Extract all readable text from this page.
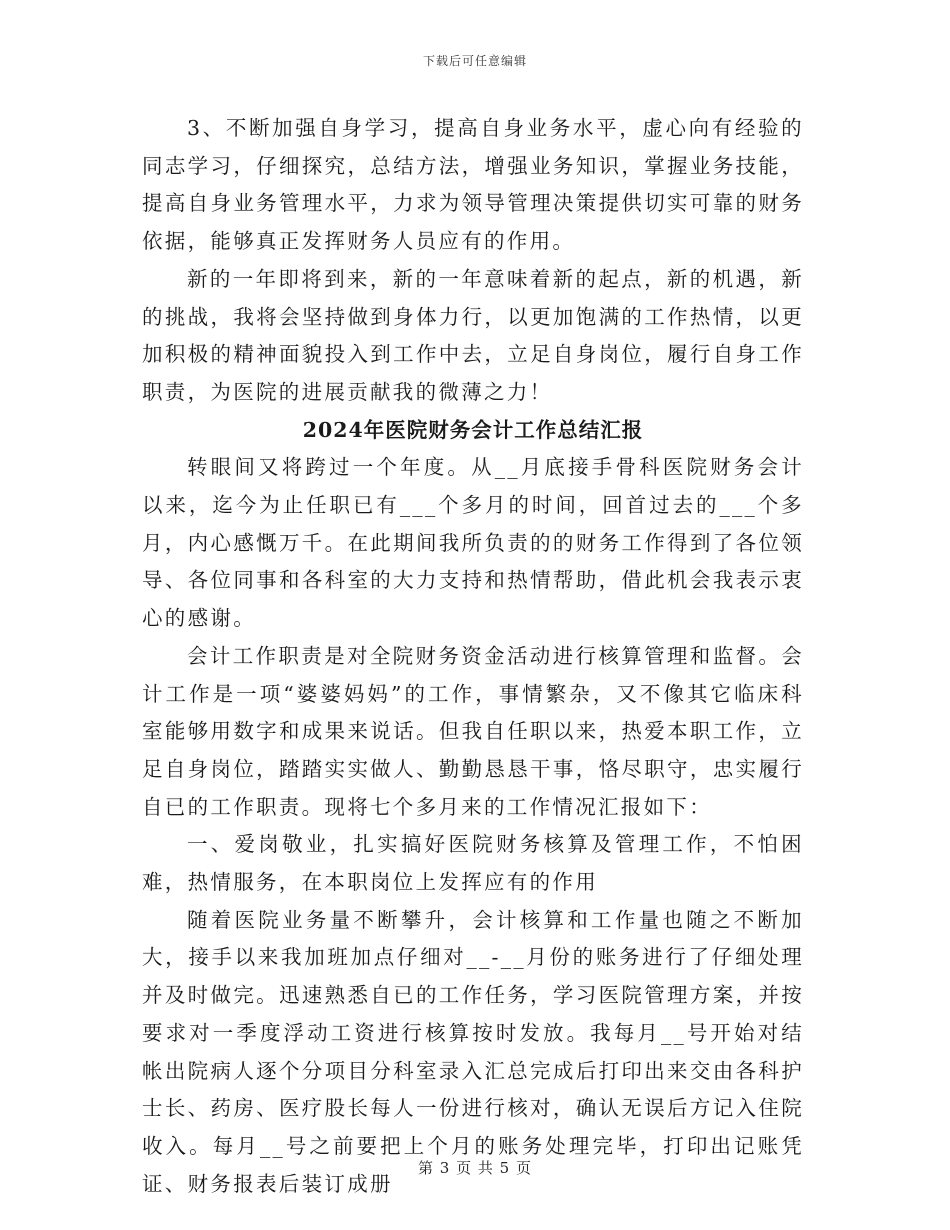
下载后可任意编辑

3、不断加强自身学习，提高自身业务水平，虚心向有经验的同志学习，仔细探究，总结方法，增强业务知识，掌握业务技能，提高自身业务管理水平，力求为领导管理决策提供切实可靠的财务依据，能够真正发挥财务人员应有的作用。

新的一年即将到来，新的一年意味着新的起点，新的机遇，新的挑战，我将会坚持做到身体力行，以更加饱满的工作热情，以更加积极的精神面貌投入到工作中去，立足自身岗位，履行自身工作职责，为医院的进展贡献我的微薄之力！

2024年医院财务会计工作总结汇报

转眼间又将跨过一个年度。从__月底接手骨科医院财务会计以来，迄今为止任职已有___个多月的时间，回首过去的___个多月，内心感慨万千。在此期间我所负责的的财务工作得到了各位领导、各位同事和各科室的大力支持和热情帮助，借此机会我表示衷心的感谢。

会计工作职责是对全院财务资金活动进行核算管理和监督。会计工作是一项“婆婆妈妈”的工作，事情繁杂，又不像其它临床科室能够用数字和成果来说话。但我自任职以来，热爱本职工作，立足自身岗位，踏踏实实做人、勤勤恳恳干事，恪尽职守，忠实履行自已的工作职责。现将七个多月来的工作情况汇报如下：

一、爱岗敬业，扎实搞好医院财务核算及管理工作，不怕困难，热情服务，在本职岗位上发挥应有的作用

随着医院业务量不断攀升，会计核算和工作量也随之不断加大，接手以来我加班加点仔细对__-__月份的账务进行了仔细处理并及时做完。迅速熟悉自已的工作任务，学习医院管理方案，并按要求对一季度浮动工资进行核算按时发放。我每月__号开始对结帐出院病人逐个分项目分科室录入汇总完成后打印出来交由各科护士长、药房、医疗股长每人一份进行核对，确认无误后方记入住院收入。每月__号之前要把上个月的账务处理完毕，打印出记账凭证、财务报表后装订成册

第 3 页 共 5 页
